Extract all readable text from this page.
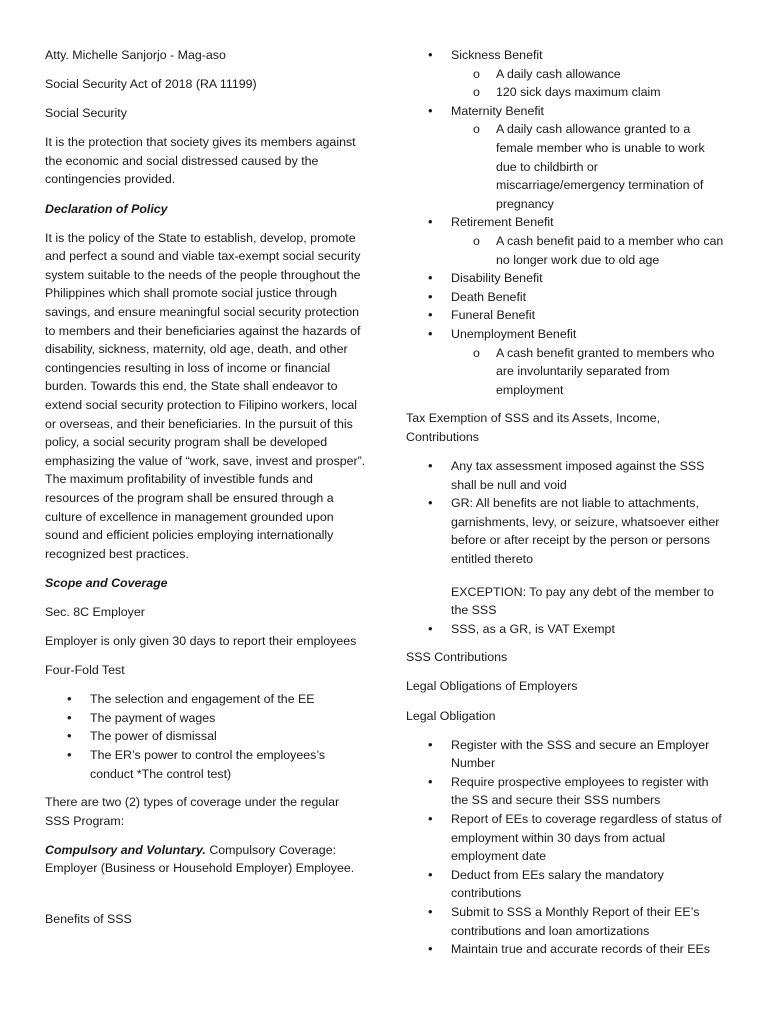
Atty. Michelle Sanjorjo - Mag-aso

Social Security Act of 2018 (RA 11199)

Social Security

It is the protection that society gives its members against the economic and social distressed caused by the contingencies provided.

Declaration of Policy

It is the policy of the State to establish, develop, promote and perfect a sound and viable tax-exempt social security system suitable to the needs of the people throughout the Philippines which shall promote social justice through savings, and ensure meaningful social security protection to members and their beneficiaries against the hazards of disability, sickness, maternity, old age, death, and other contingencies resulting in loss of income or financial burden. Towards this end, the State shall endeavor to extend social security protection to Filipino workers, local or overseas, and their beneficiaries. In the pursuit of this policy, a social security program shall be developed emphasizing the value of “work, save, invest and prosper”. The maximum profitability of investible funds and resources of the program shall be ensured through a culture of excellence in management grounded upon sound and efficient policies employing internationally recognized best practices.

Scope and Coverage

Sec. 8C Employer

Employer is only given 30 days to report their employees

Four-Fold Test

• The selection and engagement of the EE
• The payment of wages
• The power of dismissal
• The ER’s power to control the employees’s conduct *The control test)

There are two (2) types of coverage under the regular SSS Program:

Compulsory and Voluntary. Compulsory Coverage: Employer (Business or Household Employer) Employee.

Benefits of SSS

• Sickness Benefit
o A daily cash allowance
o 120 sick days maximum claim
• Maternity Benefit
o A daily cash allowance granted to a female member who is unable to work due to childbirth or miscarriage/emergency termination of pregnancy
• Retirement Benefit
o A cash benefit paid to a member who can no longer work due to old age
• Disability Benefit
• Death Benefit
• Funeral Benefit
• Unemployment Benefit
o A cash benefit granted to members who are involuntarily separated from employment

Tax Exemption of SSS and its Assets, Income, Contributions

• Any tax assessment imposed against the SSS shall be null and void
• GR: All benefits are not liable to attachments, garnishments, levy, or seizure, whatsoever either before or after receipt by the person or persons entitled thereto
EXCEPTION: To pay any debt of the member to the SSS
• SSS, as a GR, is VAT Exempt

SSS Contributions

Legal Obligations of Employers

Legal Obligation

• Register with the SSS and secure an Employer Number
• Require prospective employees to register with the SS and secure their SSS numbers
• Report of EEs to coverage regardless of status of employment within 30 days from actual employment date
• Deduct from EEs salary the mandatory contributions
• Submit to SSS a Monthly Report of their EE’s contributions and loan amortizations
• Maintain true and accurate records of their EEs
